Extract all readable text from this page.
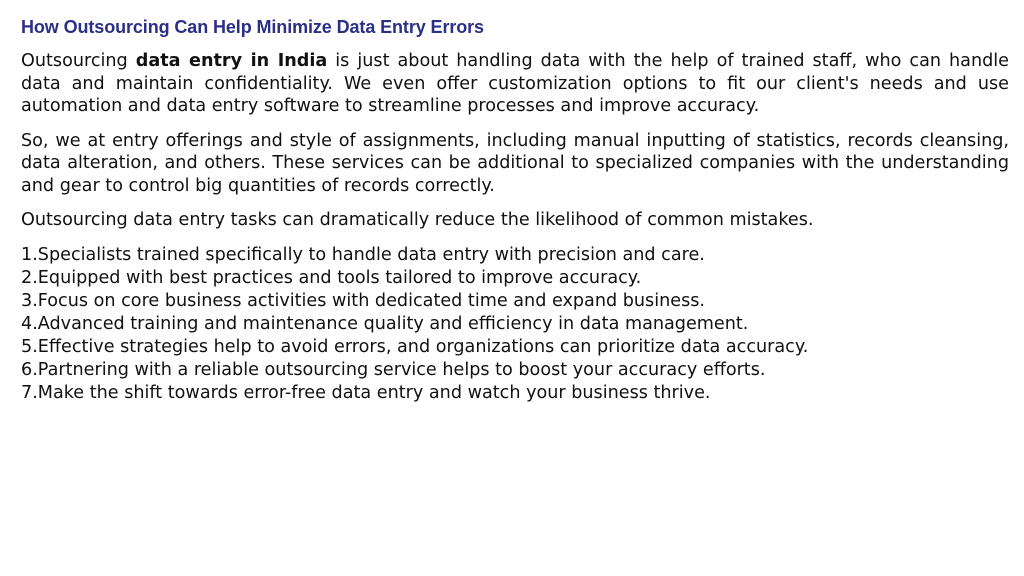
How Outsourcing Can Help Minimize Data Entry Errors

Outsourcing data entry in India is just about handling data with the help of trained staff, who can handle data and maintain confidentiality. We even offer customization options to fit our client's needs and use automation and data entry software to streamline processes and improve accuracy.

So, we at entry offerings and style of assignments, including manual inputting of statistics, records cleansing, data alteration, and others. These services can be additional to specialized companies with the understanding and gear to control big quantities of records correctly.

Outsourcing data entry tasks can dramatically reduce the likelihood of common mistakes.

1.Specialists trained specifically to handle data entry with precision and care.
2.Equipped with best practices and tools tailored to improve accuracy.
3.Focus on core business activities with dedicated time and expand business.
4.Advanced training and maintenance quality and efficiency in data management.
5.Effective strategies help to avoid errors, and organizations can prioritize data accuracy.
6.Partnering with a reliable outsourcing service helps to boost your accuracy efforts.
7.Make the shift towards error-free data entry and watch your business thrive.
